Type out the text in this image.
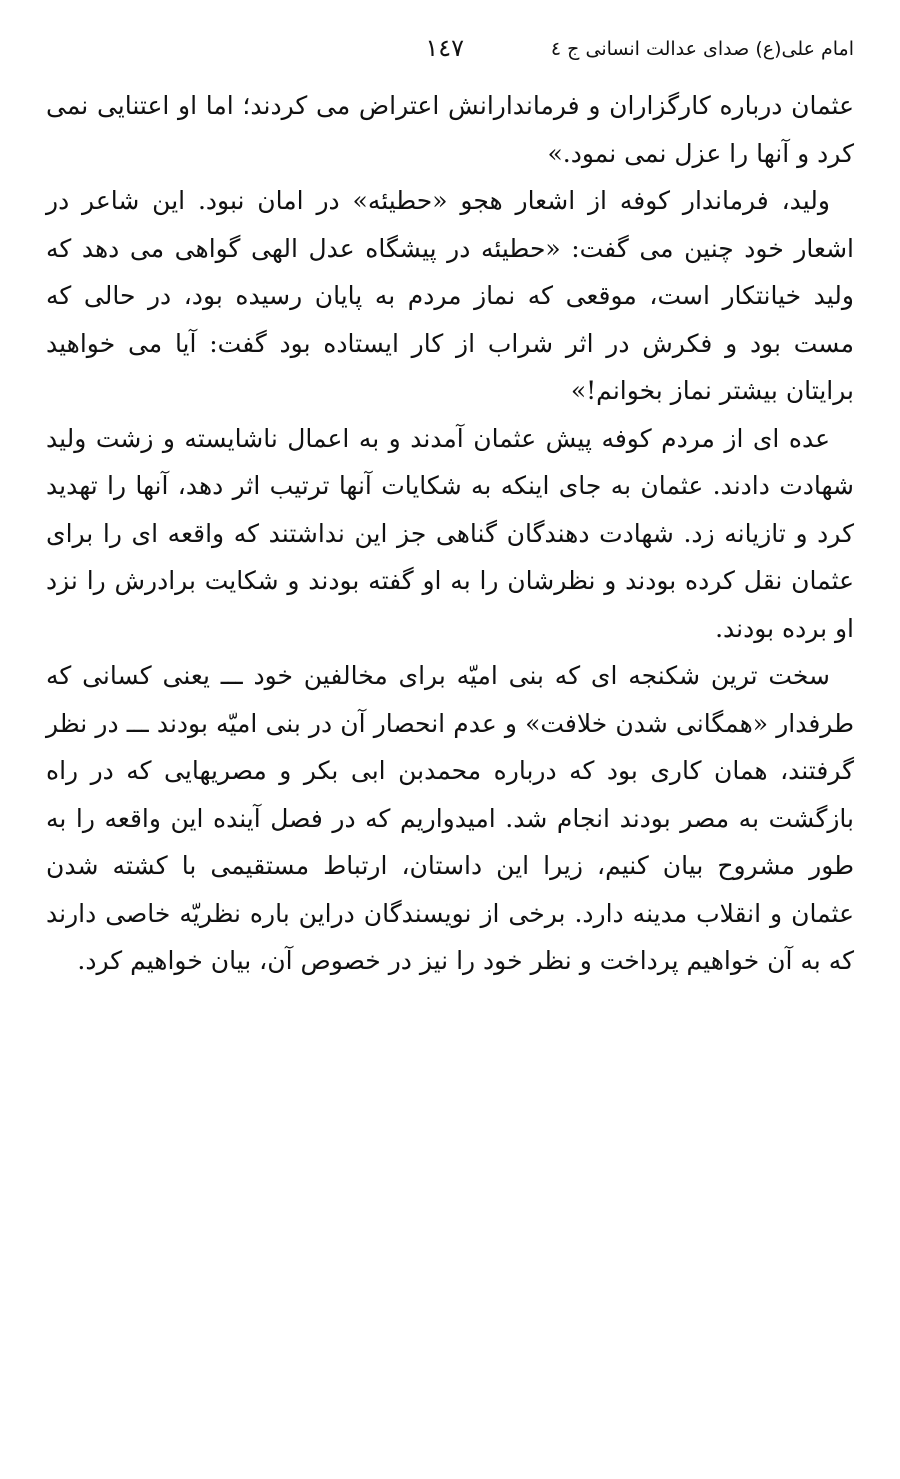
امام علی(ع) صدای عدالت انسانی ج ٤
١٤٧

عثمان درباره کارگزاران و فرماندارانش اعتراض می کردند؛ اما او اعتنایی نمی کرد و آنها را عزل نمی نمود.»

ولید، فرماندار کوفه از اشعار هجو «حطیئه» در امان نبود. این شاعر در اشعار خود چنین می گفت: «حطیئه در پیشگاه عدل الهی گواهی می دهد که ولید خیانتکار است، موقعی که نماز مردم به پایان رسیده بود، در حالی که مست بود و فکرش در اثر شراب از کار ایستاده بود گفت: آیا می خواهید برایتان بیشتر نماز بخوانم!»

عده ای از مردم کوفه پیش عثمان آمدند و به اعمال ناشایسته و زشت ولید شهادت دادند. عثمان به جای اینکه به شکایات آنها ترتیب اثر دهد، آنها را تهدید کرد و تازیانه زد. شهادت دهندگان گناهی جز این نداشتند که واقعه ای را برای عثمان نقل کرده بودند و نظرشان را به او گفته بودند و شکایت برادرش را نزد او برده بودند.

سخت ترین شکنجه ای که بنی امیّه برای مخالفین خود ـــ یعنی کسانی که طرفدار «همگانی شدن خلافت» و عدم انحصار آن در بنی امیّه بودند ـــ در نظر گرفتند، همان کاری بود که درباره محمدبن ابی بکر و مصریهایی که در راه بازگشت به مصر بودند انجام شد. امیدواریم که در فصل آینده این واقعه را به طور مشروح بیان کنیم، زیرا این داستان، ارتباط مستقیمی با کشته شدن عثمان و انقلاب مدینه دارد. برخی از نویسندگان دراین باره نظریّه خاصی دارند که به آن خواهیم پرداخت و نظر خود را نیز در خصوص آن، بیان خواهیم کرد.
